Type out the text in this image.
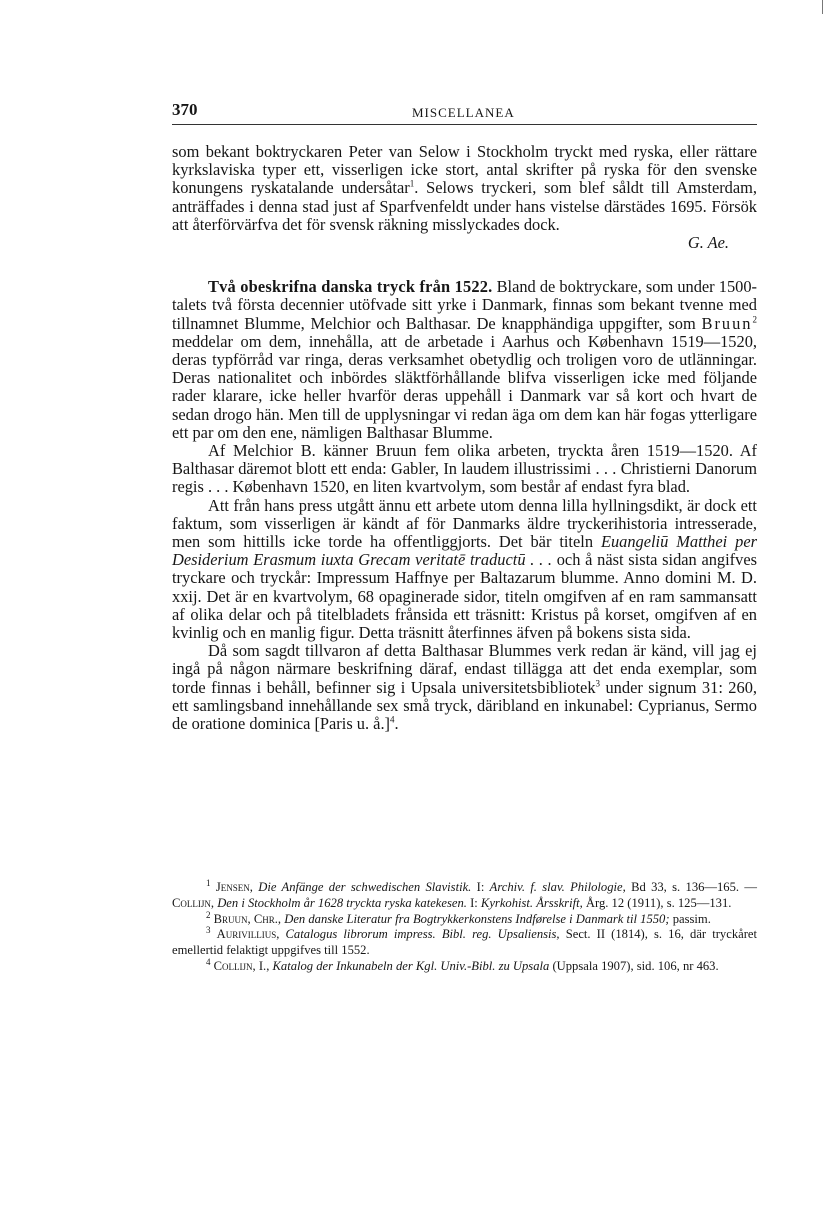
370	MISCELLANEA

som bekant boktryckaren Peter van Selow i Stockholm tryckt med ryska, eller rättare kyrkslaviska typer ett, visserligen icke stort, antal skrifter på ryska för den svenske konungens ryskatalande undersåtar$^1$. Selows tryckeri, som blef såldt till Amsterdam, anträffades i denna stad just af Sparfvenfeldt under hans vistelse därstädes 1695. Försök att återförvärfva det för svensk räkning misslyckades dock.

G. Ae.

Två obeskrifna danska tryck från 1522. Bland de boktryckare, som under 1500-talets två första decennier utöfvade sitt yrke i Danmark, finnas som bekant tvenne med tillnamnet Blumme, Melchior och Balthasar. De knapphändiga uppgifter, som Bruun$^2$ meddelar om dem, innehålla, att de arbetade i Aarhus och København 1519—1520, deras typförråd var ringa, deras verksamhet obetydlig och troligen voro de utlänningar. Deras nationalitet och inbördes släktförhållande blifva visserligen icke med följande rader klarare, icke heller hvarför deras uppehåll i Danmark var så kort och hvart de sedan drogo hän. Men till de upplysningar vi redan äga om dem kan här fogas ytterligare ett par om den ene, nämligen Balthasar Blumme.

Af Melchior B. känner Bruun fem olika arbeten, tryckta åren 1519—1520. Af Balthasar däremot blott ett enda: Gabler, In laudem illustrissimi . . . Christierni Danorum regis . . . København 1520, en liten kvartvolym, som består af endast fyra blad.

Att från hans press utgått ännu ett arbete utom denna lilla hyllningsdikt, är dock ett faktum, som visserligen är kändt af för Danmarks äldre tryckerihistoria intresserade, men som hittills icke torde ha offentliggjorts. Det bär titeln Euangeliū Matthei per Desiderium Erasmum iuxta Grecam veritatē traductū . . . och å näst sista sidan angifves tryckare och tryckår: Impressum Haffnye per Baltazarum blumme. Anno domini M. D. xxij. Det är en kvartvolym, 68 opaginerade sidor, titeln omgifven af en ram sammansatt af olika delar och på titelbladets frånsida ett träsnitt: Kristus på korset, omgifven af en kvinlig och en manlig figur. Detta träsnitt återfinnes äfven på bokens sista sida.

Då som sagdt tillvaron af detta Balthasar Blummes verk redan är känd, vill jag ej ingå på någon närmare beskrifning däraf, endast tillägga att det enda exemplar, som torde finnas i behåll, befinner sig i Upsala universitetsbibliotek$^3$ under signum 31: 260, ett samlingsband innehållande sex små tryck, däribland en inkunabel: Cyprianus, Sermo de oratione dominica [Paris u. å.]$^4$.

$^1$ Jensen, Die Anfänge der schwedischen Slavistik. I: Archiv. f. slav. Philologie, Bd 33, s. 136—165. — Collijn, Den i Stockholm år 1628 tryckta ryska katekesen. I: Kyrkohist. Årsskrift, Årg. 12 (1911), s. 125—131.

$^2$ Bruun, Chr., Den danske Literatur fra Bogtrykkerkonstens Indførelse i Danmark til 1550; passim.

$^3$ Aurivillius, Catalogus librorum impress. Bibl. reg. Upsaliensis, Sect. II (1814), s. 16, där tryckåret emellertid felaktigt uppgifves till 1552.

$^4$ Collijn, I., Katalog der Inkunabeln der Kgl. Univ.-Bibl. zu Upsala (Uppsala 1907), sid. 106, nr 463.
